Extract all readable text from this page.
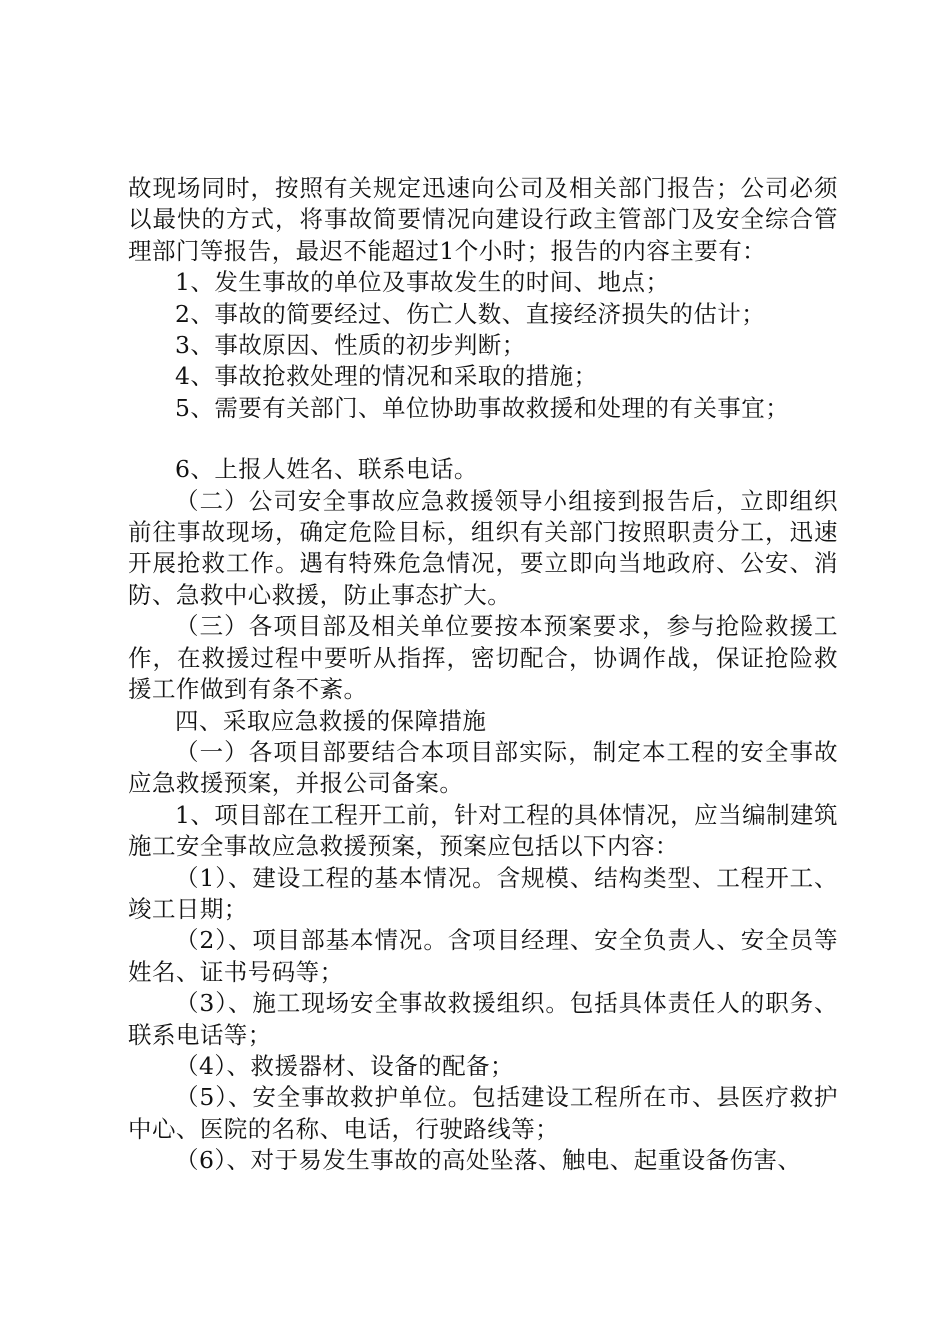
故现场同时，按照有关规定迅速向公司及相关部门报告；公司必须以最快的方式，将事故简要情况向建设行政主管部门及安全综合管理部门等报告，最迟不能超过1个小时；报告的内容主要有：

1、发生事故的单位及事故发生的时间、地点；

2、事故的简要经过、伤亡人数、直接经济损失的估计；

3、事故原因、性质的初步判断；

4、事故抢救处理的情况和采取的措施；

5、需要有关部门、单位协助事故救援和处理的有关事宜；

6、上报人姓名、联系电话。

（二）公司安全事故应急救援领导小组接到报告后，立即组织前往事故现场，确定危险目标，组织有关部门按照职责分工，迅速开展抢救工作。遇有特殊危急情况，要立即向当地政府、公安、消防、急救中心救援，防止事态扩大。

（三）各项目部及相关单位要按本预案要求，参与抢险救援工作，在救援过程中要听从指挥，密切配合，协调作战，保证抢险救援工作做到有条不紊。

四、采取应急救援的保障措施

（一）各项目部要结合本项目部实际，制定本工程的安全事故应急救援预案，并报公司备案。

1、项目部在工程开工前，针对工程的具体情况，应当编制建筑施工安全事故应急救援预案，预案应包括以下内容：

（1）、建设工程的基本情况。含规模、结构类型、工程开工、竣工日期；

（2）、项目部基本情况。含项目经理、安全负责人、安全员等姓名、证书号码等；

（3）、施工现场安全事故救援组织。包括具体责任人的职务、联系电话等；

（4）、救援器材、设备的配备；

（5）、安全事故救护单位。包括建设工程所在市、县医疗救护中心、医院的名称、电话，行驶路线等；

（6）、对于易发生事故的高处坠落、触电、起重设备伤害、
